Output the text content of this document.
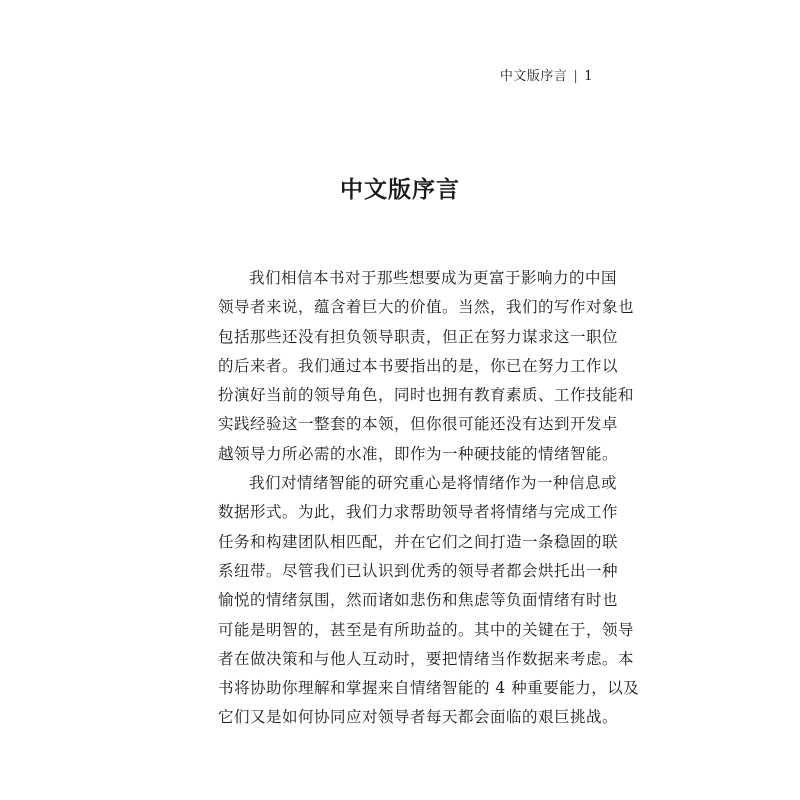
中文版序言 | 1
中文版序言
我们相信本书对于那些想要成为更富于影响力的中国
领导者来说，蕴含着巨大的价值。当然，我们的写作对象也
包括那些还没有担负领导职责，但正在努力谋求这一职位
的后来者。我们通过本书要指出的是，你已在努力工作以
扮演好当前的领导角色，同时也拥有教育素质、工作技能和
实践经验这一整套的本领，但你很可能还没有达到开发卓
越领导力所必需的水准，即作为一种硬技能的情绪智能。
我们对情绪智能的研究重心是将情绪作为一种信息或
数据形式。为此，我们力求帮助领导者将情绪与完成工作
任务和构建团队相匹配，并在它们之间打造一条稳固的联
系纽带。尽管我们已认识到优秀的领导者都会烘托出一种
愉悦的情绪氛围，然而诸如悲伤和焦虑等负面情绪有时也
可能是明智的，甚至是有所助益的。其中的关键在于，领导
者在做决策和与他人互动时，要把情绪当作数据来考虑。本
书将协助你理解和掌握来自情绪智能的 4 种重要能力，以及
它们又是如何协同应对领导者每天都会面临的艰巨挑战。
